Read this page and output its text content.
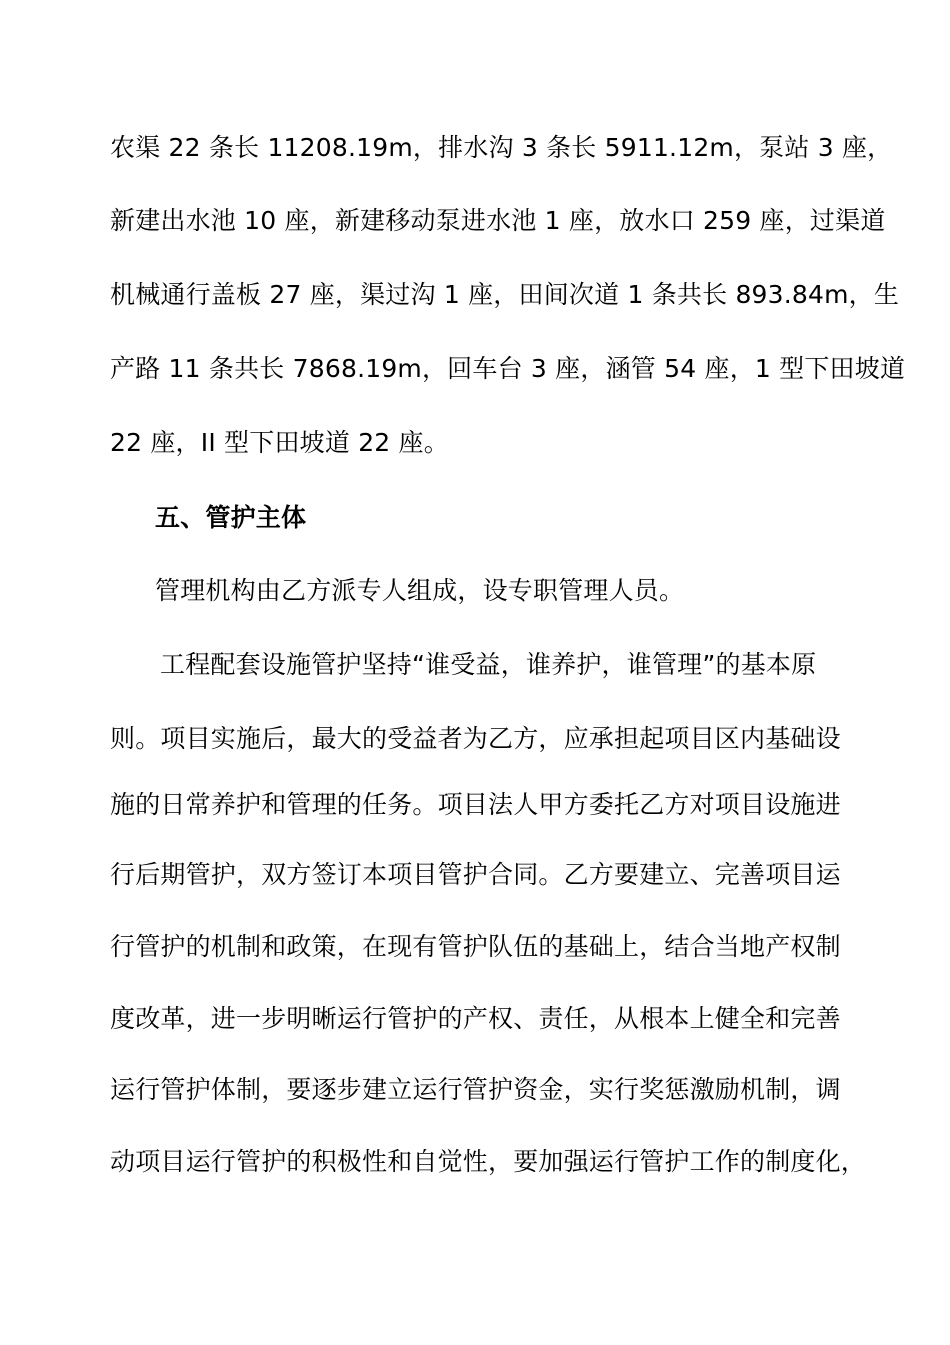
农渠 22 条长 11208.19m，排水沟 3 条长 5911.12m，泵站 3 座，
新建出水池 10 座，新建移动泵进水池 1 座，放水口 259 座，过渠道
机械通行盖板 27 座，渠过沟 1 座，田间次道 1 条共长 893.84m，生
产路 11 条共长 7868.19m，回车台 3 座，涵管 54 座，1 型下田坡道
22 座，II 型下田坡道 22 座。
五、管护主体
管理机构由乙方派专人组成，设专职管理人员。
工程配套设施管护坚持“谁受益，谁养护，谁管理”的基本原
则。项目实施后，最大的受益者为乙方，应承担起项目区内基础设
施的日常养护和管理的任务。项目法人甲方委托乙方对项目设施进
行后期管护，双方签订本项目管护合同。乙方要建立、完善项目运
行管护的机制和政策，在现有管护队伍的基础上，结合当地产权制
度改革，进一步明晰运行管护的产权、责任，从根本上健全和完善
运行管护体制，要逐步建立运行管护资金，实行奖惩激励机制，调
动项目运行管护的积极性和自觉性，要加强运行管护工作的制度化，
